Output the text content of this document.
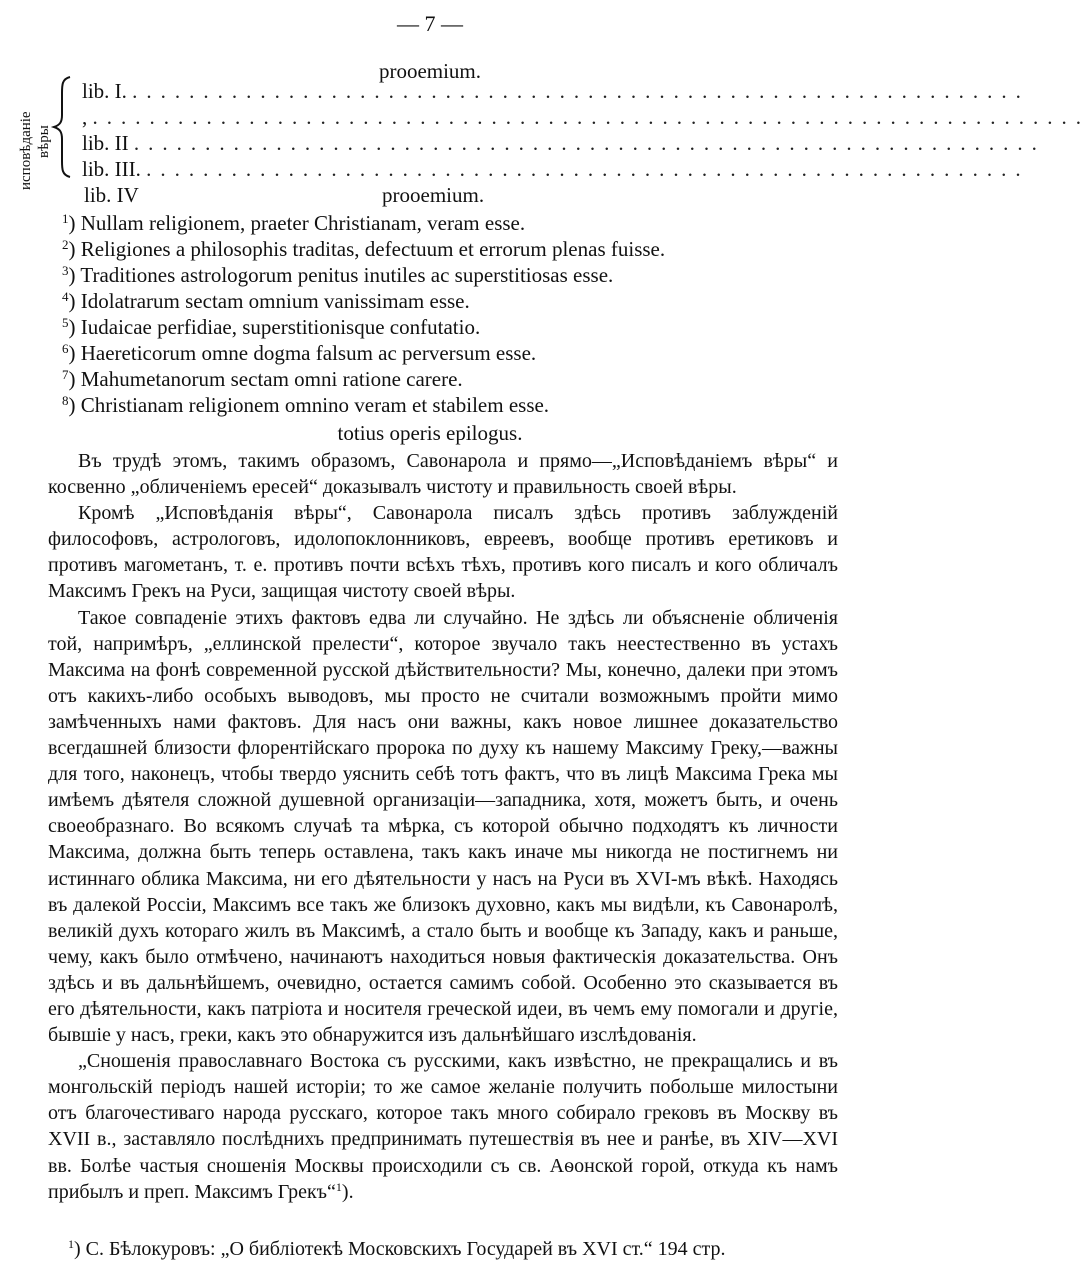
— 7 —
prooemium.
исповѣданіе вѣры
lib. I. ...............................................................
, ......................................................................
lib. II ................................................................
lib. III. ..............................................................
lib. IV	prooemium.
$^1$) Nullam religionem, praeter Christianam, veram esse.
$^2$) Religiones a philosophis traditas, defectuum et errorum plenas fuisse.
$^3$) Traditiones astrologorum penitus inutiles ac superstitiosas esse.
$^4$) Idolatrarum sectam omnium vanissimam esse.
$^5$) Iudaicae perfidiae, superstitionisque confutatio.
$^6$) Haereticorum omne dogma falsum ac perversum esse.
$^7$) Mahumetanorum sectam omni ratione carere.
$^8$) Christianam religionem omnino veram et stabilem esse.
totius operis epilogus.

Въ трудѣ этомъ, такимъ образомъ, Савонарола и прямо—„Исповѣданіемъ вѣры“ и косвенно „обличеніемъ ересей“ доказывалъ чистоту и правильность своей вѣры.

Кромѣ „Исповѣданія вѣры“, Савонарола писалъ здѣсь противъ заблужденій философовъ, астрологовъ, идолопоклонниковъ, евреевъ, вообще противъ еретиковъ и противъ магометанъ, т. е. противъ почти всѣхъ тѣхъ, противъ кого писалъ и кого обличалъ Максимъ Грекъ на Руси, защищая чистоту своей вѣры.

Такое совпаденіе этихъ фактовъ едва ли случайно. Не здѣсь ли объясненіе обличенія той, напримѣръ, „еллинской прелести“, которое звучало такъ неестественно въ устахъ Максима на фонѣ современной русской дѣйствительности? Мы, конечно, далеки при этомъ отъ какихъ-либо особыхъ выводовъ, мы просто не считали возможнымъ пройти мимо замѣченныхъ нами фактовъ. Для насъ они важны, какъ новое лишнее доказательство всегдашней близости флорентійскаго пророка по духу къ нашему Максиму Греку,—важны для того, наконецъ, чтобы твердо уяснить себѣ тотъ фактъ, что въ лицѣ Максима Грека мы имѣемъ дѣятеля сложной душевной организаціи—западника, хотя, можетъ быть, и очень своеобразнаго. Во всякомъ случаѣ та мѣрка, съ которой обычно подходятъ къ личности Максима, должна быть теперь оставлена, такъ какъ иначе мы никогда не постигнемъ ни истиннаго облика Максима, ни его дѣятельности у насъ на Руси въ XVI-мъ вѣкѣ. Находясь въ далекой Россіи, Максимъ все такъ же близокъ духовно, какъ мы видѣли, къ Савонаролѣ, великій духъ котораго жилъ въ Максимѣ, а стало быть и вообще къ Западу, какъ и раньше, чему, какъ было отмѣчено, начинаютъ находиться новыя фактическія доказательства. Онъ здѣсь и въ дальнѣйшемъ, очевидно, остается самимъ собой. Особенно это сказывается въ его дѣятельности, какъ патріота и носителя греческой идеи, въ чемъ ему помогали и другіе, бывшіе у насъ, греки, какъ это обнаружится изъ дальнѣйшаго изслѣдованія.

„Сношенія православнаго Востока съ русскими, какъ извѣстно, не прекращались и въ монгольскій періодъ нашей исторіи; то же самое желаніе получить побольше милостыни отъ благочестиваго народа русскаго, которое такъ много собирало грековъ въ Москву въ XVII в., заставляло послѣднихъ предпринимать путешествія въ нее и ранѣе, въ XIV—XVI вв. Болѣе частыя сношенія Москвы происходили съ св. Аѳонской горой, откуда къ намъ прибылъ и преп. Максимъ Грекъ“$^1$).

$^1$) С. Бѣлокуровъ: „О библіотекѣ Московскихъ Государей въ XVI ст.“ 194 стр.
